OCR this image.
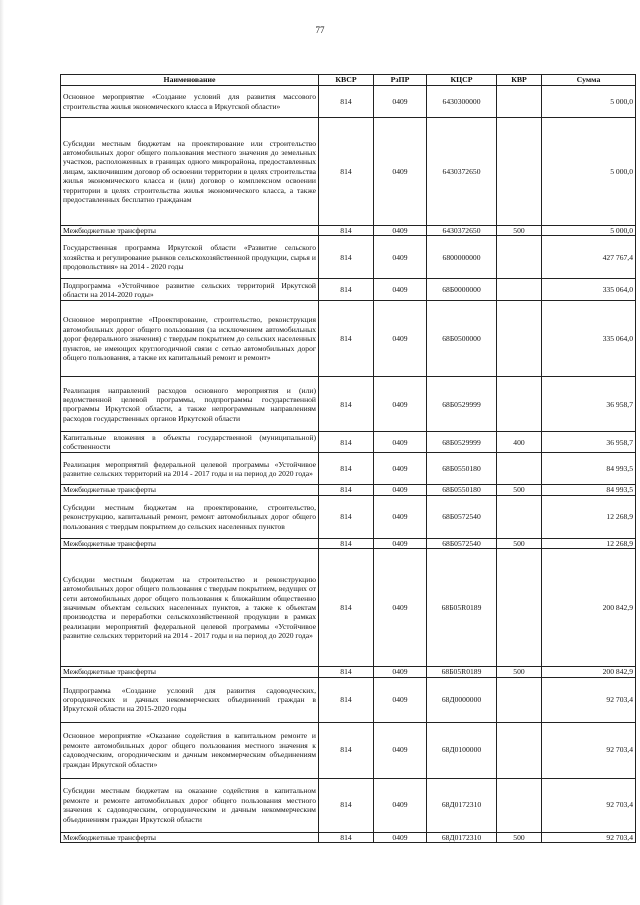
77
Наименование	КВСР	РзПР	КЦСР	КВР	Сумма
Основное мероприятие «Создание условий для развития массового строительства жилья экономического класса в Иркутской области»	814	0409	6430300000		5 000,0
Субсидии местным бюджетам на проектирование или строительство автомобильных дорог общего пользования местного значения до земельных участков, расположенных в границах одного микрорайона, предоставленных лицам, заключившим договор об освоении территории в целях строительства жилья экономического класса и (или) договор о комплексном освоении территории в целях строительства жилья экономического класса, а также предоставленных бесплатно гражданам	814	0409	6430372650		5 000,0
Межбюджетные трансферты	814	0409	6430372650	500	5 000,0
Государственная программа Иркутской области «Развитие сельского хозяйства и регулирование рынков сельскохозяйственной продукции, сырья и продовольствия» на 2014 - 2020 годы	814	0409	6800000000		427 767,4
Подпрограмма «Устойчивое развитие сельских территорий Иркутской области на 2014-2020 годы»	814	0409	68Б0000000		335 064,0
Основное мероприятие «Проектирование, строительство, реконструкция автомобильных дорог общего пользования (за исключением автомобильных дорог федерального значения) с твердым покрытием до сельских населенных пунктов, не имеющих круглогодичной связи с сетью автомобильных дорог общего пользования, а также их капитальный ремонт и ремонт»	814	0409	68Б0500000		335 064,0
Реализация направлений расходов основного мероприятия и (или) ведомственной целевой программы, подпрограммы государственной программы Иркутской области, а также непрограммным направлениям расходов государственных органов Иркутской области	814	0409	68Б0529999		36 958,7
Капитальные вложения в объекты государственной (муниципальной) собственности	814	0409	68Б0529999	400	36 958,7
Реализация мероприятий федеральной целевой программы «Устойчивое развитие сельских территорий на 2014 - 2017 годы и на период до 2020 года»	814	0409	68Б0550180		84 993,5
Межбюджетные трансферты	814	0409	68Б0550180	500	84 993,5
Субсидии местным бюджетам на проектирование, строительство, реконструкцию, капитальный ремонт, ремонт автомобильных дорог общего пользования с твердым покрытием до сельских населенных пунктов	814	0409	68Б0572540		12 268,9
Межбюджетные трансферты	814	0409	68Б0572540	500	12 268,9
Субсидии местным бюджетам на строительство и реконструкцию автомобильных дорог общего пользования с твердым покрытием, ведущих от сети автомобильных дорог общего пользования к ближайшим общественно значимым объектам сельских населенных пунктов, а также к объектам производства и переработки сельскохозяйственной продукции в рамках реализации мероприятий федеральной целевой программы «Устойчивое развитие сельских территорий на 2014 - 2017 годы и на период до 2020 года»	814	0409	68Б05R0189		200 842,9
Межбюджетные трансферты	814	0409	68Б05R0189	500	200 842,9
Подпрограмма «Создание условий для развития садоводческих, огороднических и дачных некоммерческих объединений граждан в Иркутской области на 2015-2020 годы	814	0409	68Д0000000		92 703,4
Основное мероприятие «Оказание содействия в капитальном ремонте и ремонте автомобильных дорог общего пользования местного значения к садоводческим, огородническим и дачным некоммерческим объединениям граждан Иркутской области»	814	0409	68Д0100000		92 703,4
Субсидии местным бюджетам на оказание содействия в капитальном ремонте и ремонте автомобильных дорог общего пользования местного значения к садоводческим, огородническим и дачным некоммерческим объединениям граждан Иркутской области	814	0409	68Д0172310		92 703,4
Межбюджетные трансферты	814	0409	68Д0172310	500	92 703,4
